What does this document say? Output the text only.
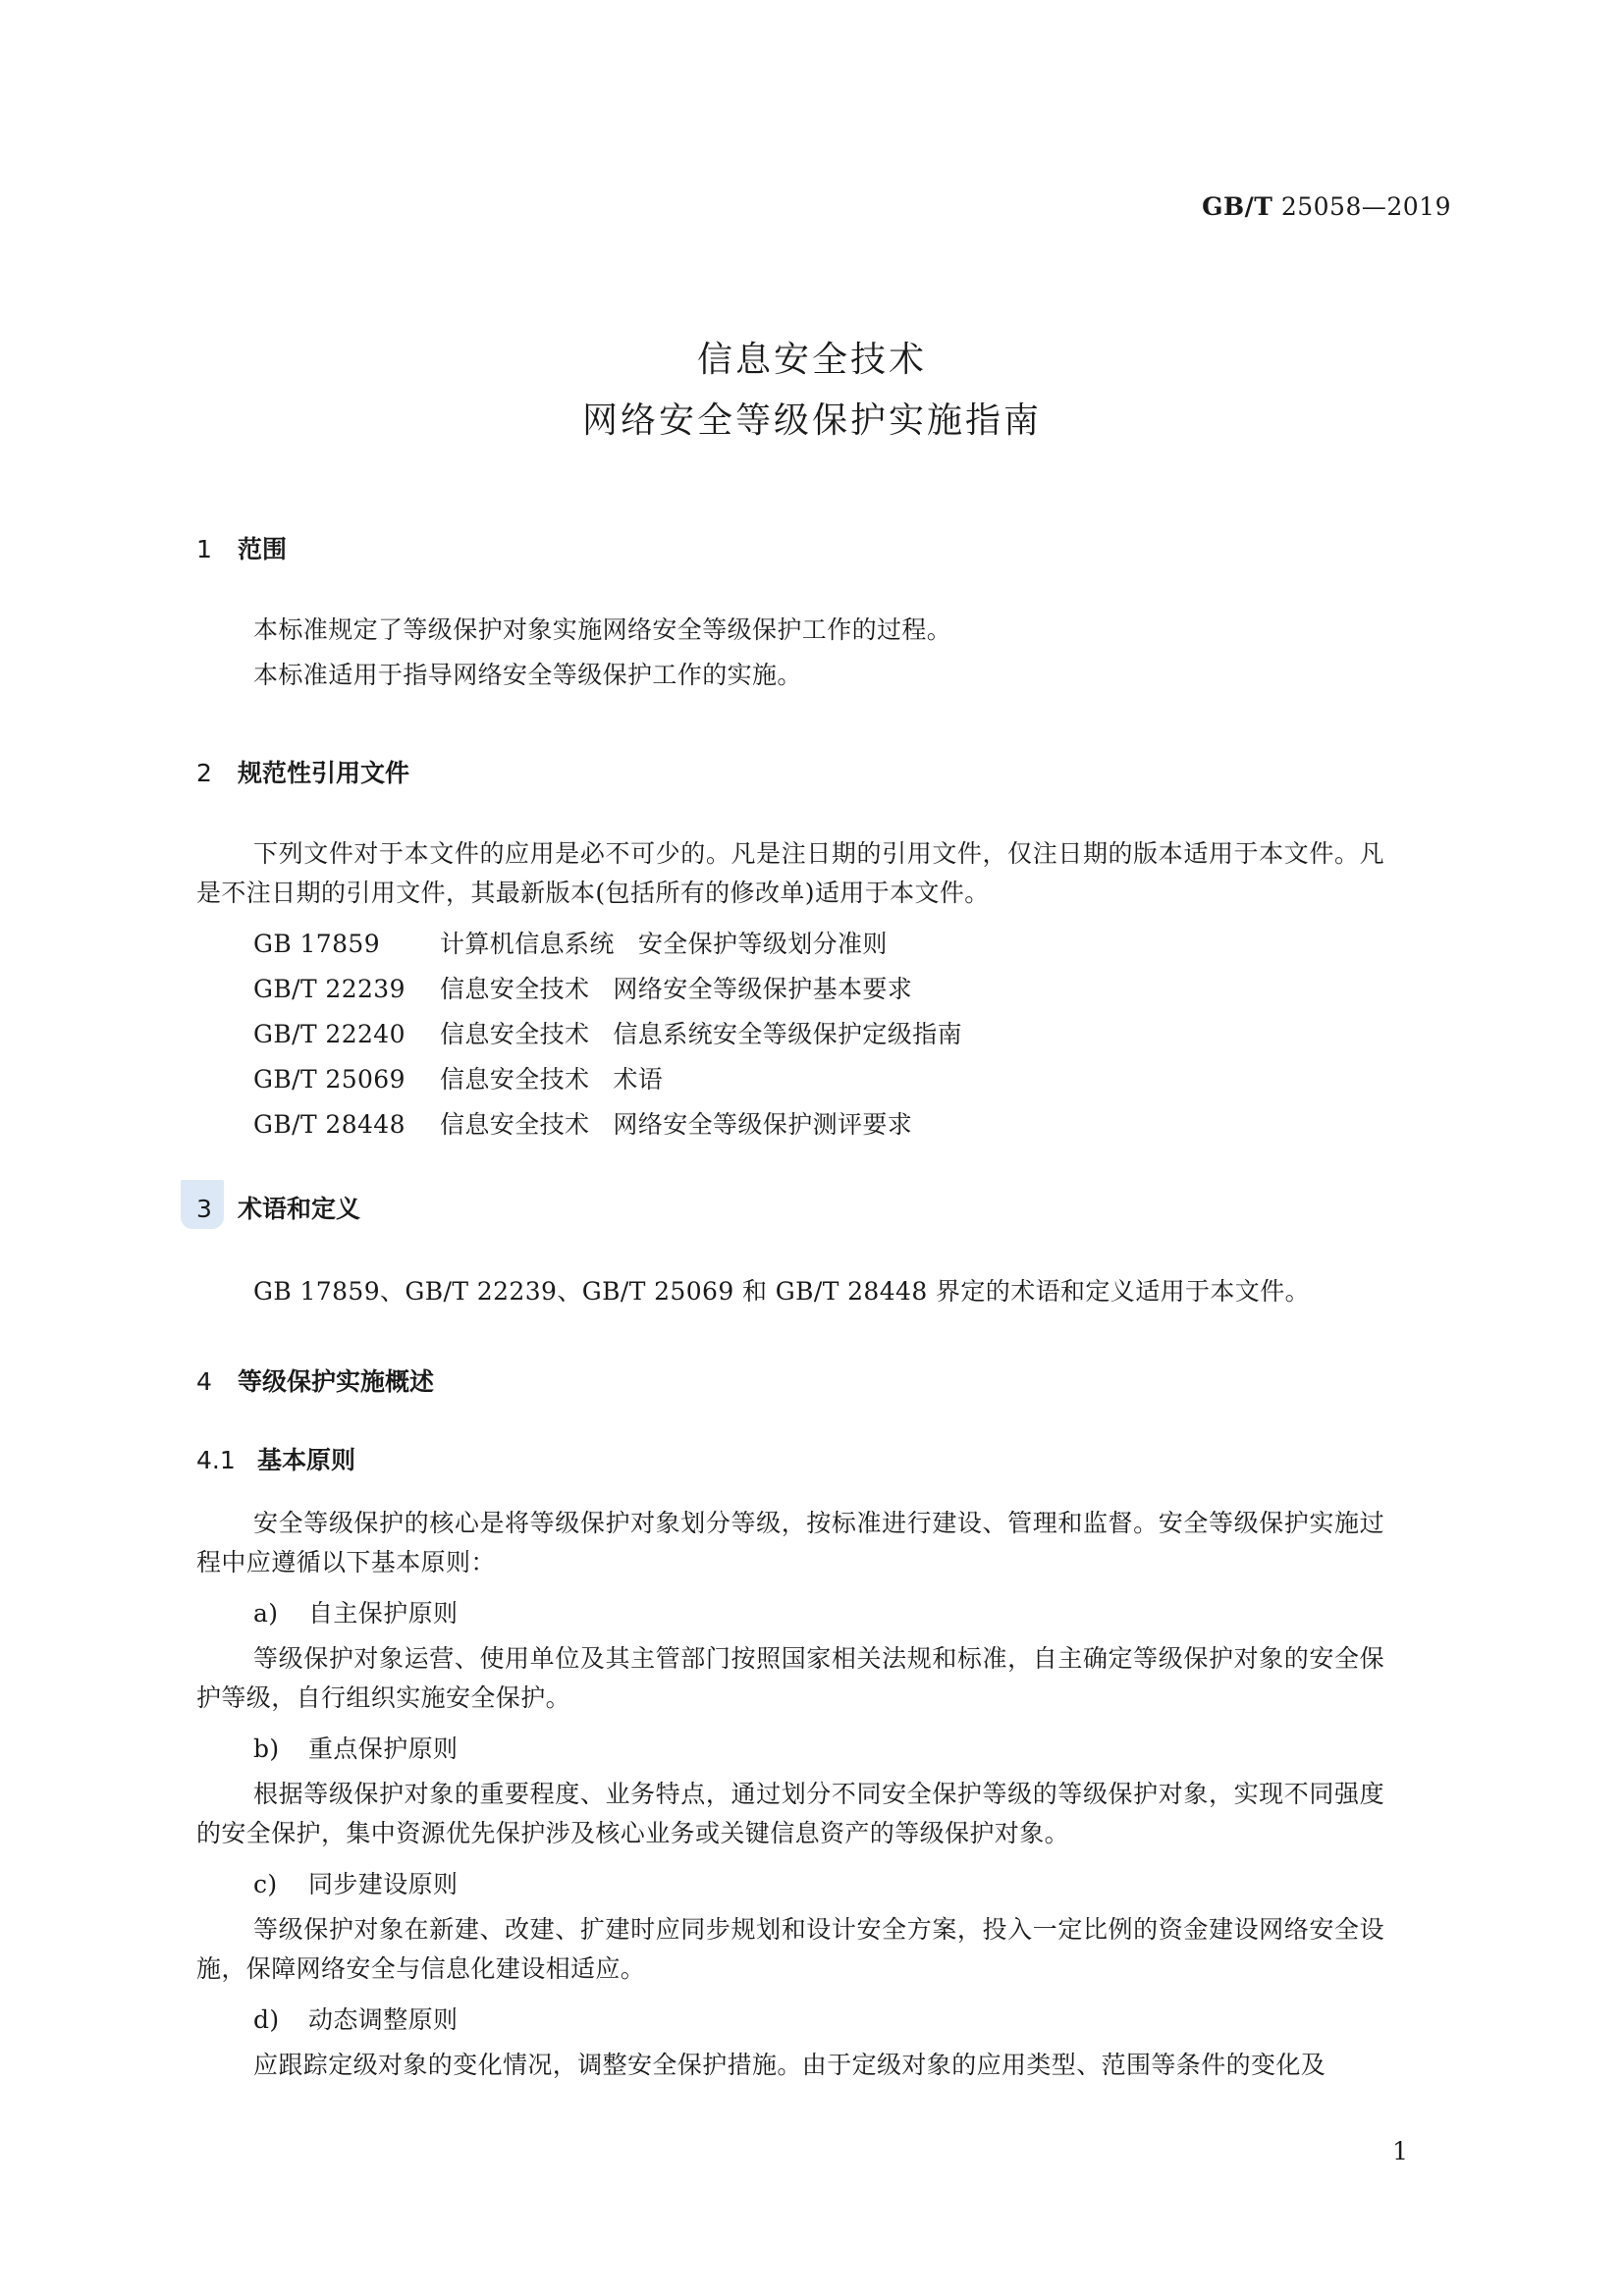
GB/T 25058—2019
信息安全技术
网络安全等级保护实施指南
1 范围
本标准规定了等级保护对象实施网络安全等级保护工作的过程。
本标准适用于指导网络安全等级保护工作的实施。
2 规范性引用文件
下列文件对于本文件的应用是必不可少的。凡是注日期的引用文件，仅注日期的版本适用于本文件。凡是不注日期的引用文件，其最新版本(包括所有的修改单)适用于本文件。
GB 17859 计算机信息系统 安全保护等级划分准则
GB/T 22239 信息安全技术 网络安全等级保护基本要求
GB/T 22240 信息安全技术 信息系统安全等级保护定级指南
GB/T 25069 信息安全技术 术语
GB/T 28448 信息安全技术 网络安全等级保护测评要求
3 术语和定义
GB 17859、GB/T 22239、GB/T 25069 和 GB/T 28448 界定的术语和定义适用于本文件。
4 等级保护实施概述
4.1 基本原则
安全等级保护的核心是将等级保护对象划分等级，按标准进行建设、管理和监督。安全等级保护实施过程中应遵循以下基本原则：
a) 自主保护原则
等级保护对象运营、使用单位及其主管部门按照国家相关法规和标准，自主确定等级保护对象的安全保护等级，自行组织实施安全保护。
b) 重点保护原则
根据等级保护对象的重要程度、业务特点，通过划分不同安全保护等级的等级保护对象，实现不同强度的安全保护，集中资源优先保护涉及核心业务或关键信息资产的等级保护对象。
c) 同步建设原则
等级保护对象在新建、改建、扩建时应同步规划和设计安全方案，投入一定比例的资金建设网络安全设施，保障网络安全与信息化建设相适应。
d) 动态调整原则
应跟踪定级对象的变化情况，调整安全保护措施。由于定级对象的应用类型、范围等条件的变化及
1
